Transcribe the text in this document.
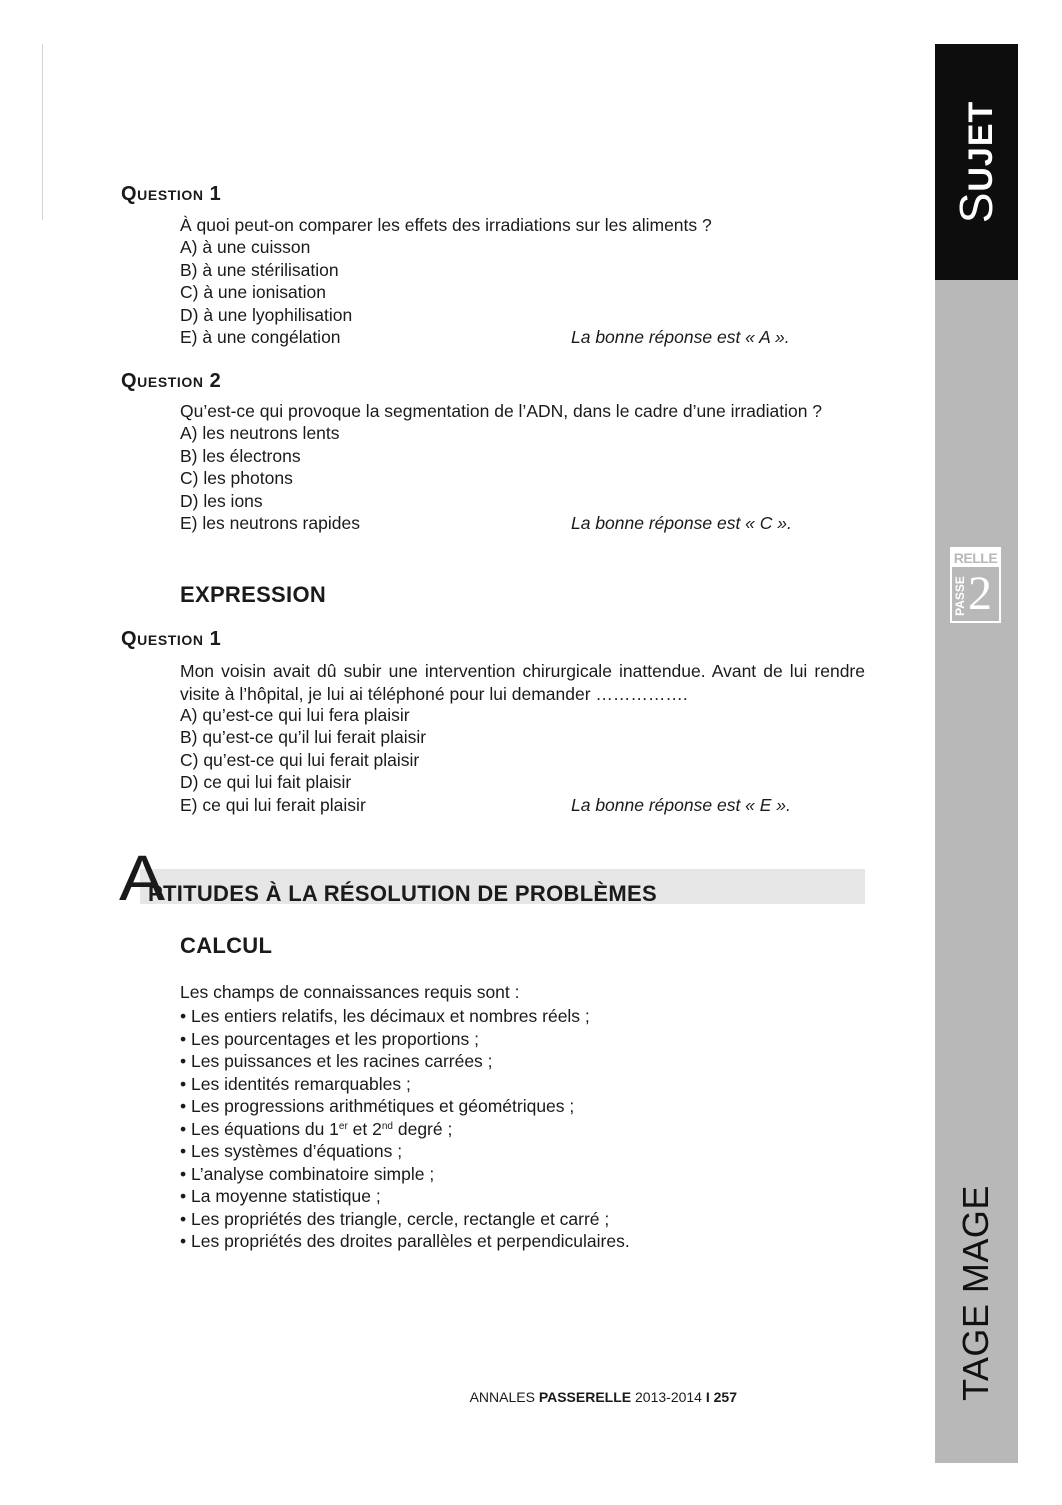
SUJET
RELLE
PASSE 2
TAGE MAGE
QUESTION 1
À quoi peut-on comparer les effets des irradiations sur les aliments ?
A) à une cuisson
B) à une stérilisation
C) à une ionisation
D) à une lyophilisation
E) à une congélation	La bonne réponse est « A ».
QUESTION 2
Qu’est-ce qui provoque la segmentation de l’ADN, dans le cadre d’une irradiation ?
A) les neutrons lents
B) les électrons
C) les photons
D) les ions
E) les neutrons rapides	La bonne réponse est « C ».
EXPRESSION
QUESTION 1
Mon voisin avait dû subir une intervention chirurgicale inattendue. Avant de lui rendre visite à l’hôpital, je lui ai téléphoné pour lui demander …………….
A) qu’est-ce qui lui fera plaisir
B) qu’est-ce qu’il lui ferait plaisir
C) qu’est-ce qui lui ferait plaisir
D) ce qui lui fait plaisir
E) ce qui lui ferait plaisir	La bonne réponse est « E ».
A
PTITUDES À LA RÉSOLUTION DE PROBLÈMES
CALCUL
Les champs de connaissances requis sont :
• Les entiers relatifs, les décimaux et nombres réels ;
• Les pourcentages et les proportions ;
• Les puissances et les racines carrées ;
• Les identités remarquables ;
• Les progressions arithmétiques et géométriques ;
• Les équations du 1er et 2nd degré ;
• Les systèmes d’équations ;
• L’analyse combinatoire simple ;
• La moyenne statistique ;
• Les propriétés des triangle, cercle, rectangle et carré ;
• Les propriétés des droites parallèles et perpendiculaires.
ANNALES PASSERELLE 2013-2014 I 257
